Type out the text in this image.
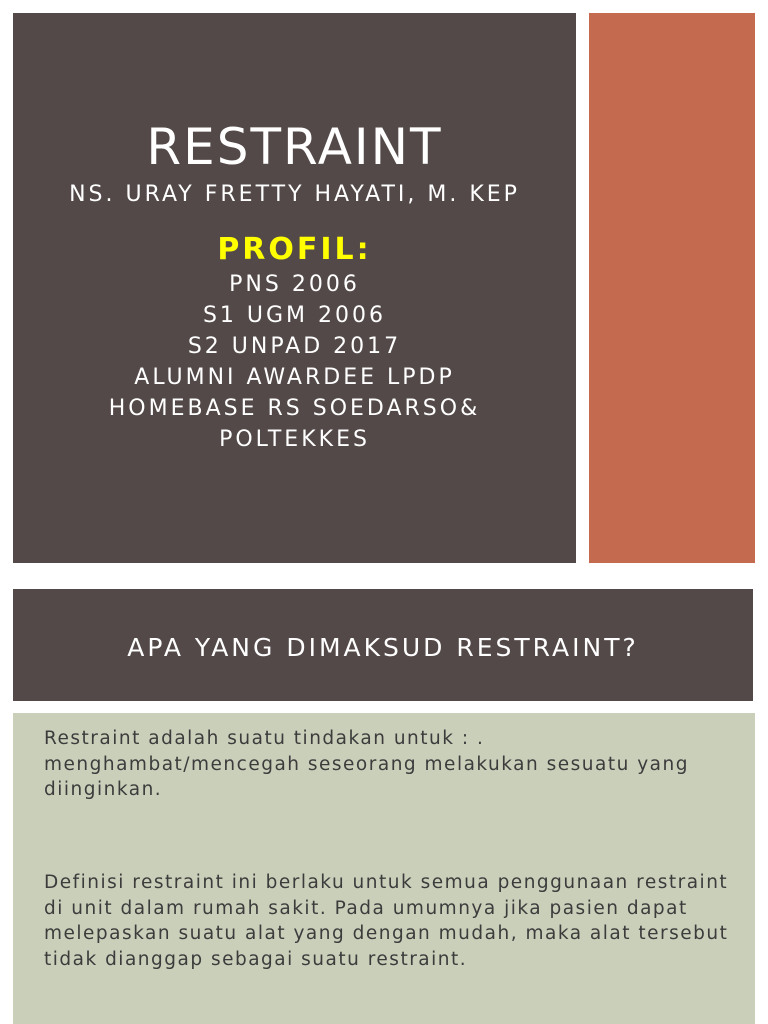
RESTRAINT
NS. URAY FRETTY HAYATI, M. KEP
PROFIL:
PNS 2006
S1 UGM 2006
S2 UNPAD 2017
ALUMNI AWARDEE LPDP
HOMEBASE RS SOEDARSO&
POLTEKKES
APA YANG DIMAKSUD RESTRAINT?

Restraint adalah suatu tindakan untuk : . menghambat/mencegah seseorang melakukan sesuatu yang diinginkan.

Definisi restraint ini berlaku untuk semua penggunaan restraint di unit dalam rumah sakit. Pada umumnya jika pasien dapat melepaskan suatu alat yang dengan mudah, maka alat tersebut tidak dianggap sebagai suatu restraint.
